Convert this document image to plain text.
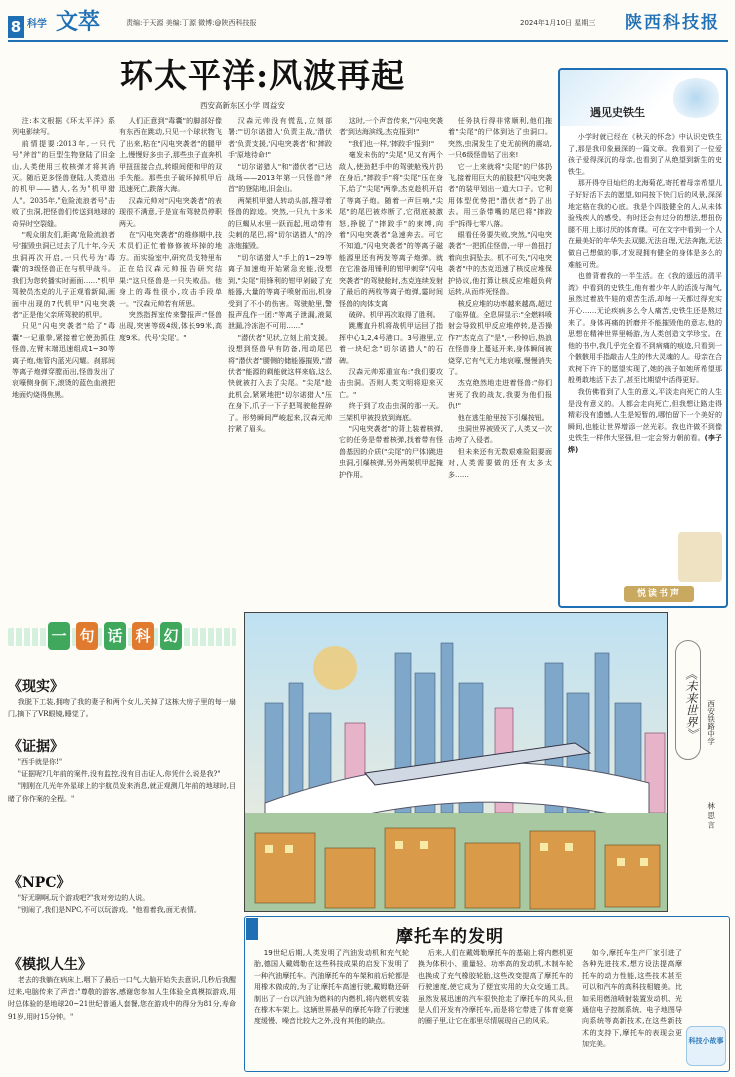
8 科学 文萃	责编:于天源 美编:丁源 微博:@陕西科技报	2024年1月10日 星期三 陕西科技报
环太平洋:风波再起
西安高新东区小学 周益安

注:本文根据《环太平洋》系列电影续写。

前情提要:2013年,一只代号"斧首"的巨型生物登陆了旧金山,人类使用三枚核弹才将其消灭。随后更多怪兽登陆,人类造出的机甲——猎人,名为"机甲猎人"。2035年,"危险流浪者号"击败了虫洞,把怪兽们传送到地球的奇异时空裂缝。

"观众朋友们,距离'危险流浪者号'摧毁虫洞已过去了几十年,今天虫洞再次开启,一只代号为'毒囊'的3级怪兽正在与机甲战斗。我们为您转播实时画面……"机甲驾驶员杰克的儿子正观看新闻,画面中出现的7代机甲"闪电突袭者"正是他父亲所驾驶的机甲。

只见"闪电突袭者"给了"毒囊"一记重拳,紧接着它使劲抓住怪兽,左臂末端迅速组成1~30等离子炮,炮管内蓝光闪耀。刹那间等离子炮弹穿膛而出,怪兽发出了哀嚎侧身倒下,滚烫的蓝色血液把地面灼烧得焦黑。

人们正意到"毒囊"的脚部好像有东西在跳动,只见一个球状物飞了出来,粘在"闪电突袭者"的腿甲上,慢慢好多虫子,那些虫子直奔机甲扭扭接合点,转眼间便和甲的双手失能。那些虫子破坏掉机甲后迅速死亡,跌落大海。

汉森元帅对"闪电突袭者"的表现很不满意,于是宣布驾驶员停职两天。

在"闪电突袭者"的维修期中,技术员们正忙着修修被坏掉的地方。而实验室中,研究员戈特里布正在给汉森元帅报告研究结果:"这只怪兽是一只失败品。他身上的毒性很小,攻击手段单一。"汉森元帅若有所思。

突然指挥室传来警报声:"怪兽出现,突害等级4级,体长99米,高度9米。代号'尖尾'。"

汉森元帅没有慌乱,立刻部署:"'切尔诺猎人'负责主战,'潜伏者'负责支援,'闪电突袭者'和'摔跤手'原地待命!"

"切尔诺猎人"和"潜伏者"已达战场——2013年第一只怪兽"斧首"的登陆地,旧金山。

两架机甲猎人转动头部,搜寻着怪兽的踪迹。突然,一只九十多米的巨蝎从水里一跃而起,甩动带有尖刺的尾巴,将"切尔诺猎人"的冷冻炮摧毁。

"切尔诺猎人"手上的1~29等离子加速炮开始紧急充能,没想到,"尖尾"用锋利的钳甲剁破了充能器,大量的等离子喷射而出,机身受到了不小的伤害。驾驶舱里,警报声乱作一团:"等离子泄漏,液氮泄漏,冷冻泡不可用……"

"潜伏者"见状,立刻上前支援。没想到怪兽早有防备,甩动尾巴将"潜伏者"腰侧的储能器摧毁,"潜伏者"能源的剩能就这样来临,这么快就被打入去了尖尾。"尖尾"趁此机会,紧紧地把"切尔诺猎人"压在身下,爪子一下子把驾驶舱捏碎了。形势瞬间严峻起来,汉森元帅拧紧了眉头。

这时,一个声音传来,"'闪电突袭者'到达海滨线,杰克报到!"

"我们也一样,'摔跤手'报到!"

毫发未伤的"尖尾"见又有两个敌人,使劲把手中的驾驶舱残片扔在身后,"摔跤手"将"尖尾"压在身下,给了"尖尾"两拳,杰克趁机开启了等离子炮。随着一声巨响,"尖尾"的尾巴被炸断了,它彻底被激怒,挣脱了"摔跤手"的束缚,向着"闪电突袭者"急速奔去。可它不知道,"闪电突袭者"的等离子磁能源里还有两发等离子炮弹。就在它准备用锤利的钳甲刺穿"闪电突袭者"的驾驶舱时,杰克连续发射了最后的两枚等离子炮弹,霎时间怪兽的肉体支离

破碎。机甲再次取得了胜利。

跳鹰直升机将战机甲运回了指挥中心1,2,4号港口。3号港里,立着一块纪念"切尔诺猎人"的石碑。

汉森元帅郑重宣布:"我们要攻击虫洞。否则人类文明将迎来灭亡。"

终于到了攻击虫洞的那一天。三架机甲被投放到海底。

"闪电突袭者"的背上装着核弹,它的任务是带着核弹,找着带有怪兽基因的介质("尖尾"的尸体)跳进虫洞,引爆核弹,另外两架机甲起掩护作用。

任务执行得非常顺利,他们拖着"尖尾"的尸体到达了虫洞口。突然,虫洞发生了史无前例的震动,一只6级怪兽钻了出来!

它一上来就将"尖尾"的尸体扔飞,接着用巨大的前肢把"闪电突袭者"的装甲划出一道大口子。它利用体型优势把"潜伏者"扔了出去。用三条带嘴的尾巴将"摔跤手"拆得七零八落。

眼看任务要失败,突然,"闪电突袭者"一把抓住怪兽,一甲一兽扭打着向虫洞坠去。机不可失,"闪电突袭者"中的杰克迅速了核反应堆保护协议,他打算让核反应堆超负荷运转,从而炸死怪兽。

核反应堆的功率越来越高,超过了临界值。全息屏显示:"全燃料喷射会导致机甲反应堆停转,是否操作?"杰克点了"是",一秒钟后,热浪在怪兽身上蔓延开来,身体瞬间被烧穿,它有气无力地哀嚎,慢慢消失了。

杰克绝然地走进着怪兽:"你们害死了我的战友,我要为他们报仇!"

他在逃生舱里按下引爆按钮。

虫洞世界被毁灭了,人类又一次击垮了入侵者。

但未来还有无数艰难险阻要面对,人类需要做的还有太多太多……

遇见史铁生

小学时就已经在《秋天的怀念》中认识史铁生了,那是我印象最深的一篇文章。我看到了一位爱孩子爱得深沉的母亲,也看到了从绝望到新生的史铁生。

那开得夺目灿烂的北海菊花,寄托着母亲希望儿子好好活下去的愿望,如同按下快门后的风景,深深地定格在我的心底。我是个四肢健全的人,从未体验残疾人的感受。有时还会有过分的想法,想扭伤腿不用上那讨厌的体育课。可在文字中看到一个人在最美好的年华失去双腿,无法自理,无法奔跑,无法做自己想做的事,才发现拥有健全的身体是多么的难能可贵。

也曾背着我的一半生活。在《我的遥远的清平湾》中看到的史铁生,他有着少年人的活泼与淘气,虽然过着放牛娃的艰苦生活,却每一天都过得充实开心……无论疾病多么令人痛苦,史铁生还是熬过来了。身体再痛的折磨并不能摧毁他的意志,他的思想在精神世界里畅游,为人类创造文学珍宝。在他的书中,我几乎完全看不到病痛的痕迹,只看到一个骸骸用手指敲击人生的伟大灵魂的人。母亲在合欢树下许下的愿望实现了,她的孩子如她所希望那般勇敢地活下去了,甚至比期望中活得更好。

我仿佛看到了人生的意义,平淡走向死亡的人生是没有意义的。人都会走向死亡,但我想让路走得精彩没有遗憾,人生是短暂的,哪怕留下一个美好的瞬间,也能让世界增添一丝光彩。我也许做不到像史铁生一样伟大坚强,但一定会努力朝前看。(李子烨)

悦读书声
一 句 话 科 幻
《现实》

我脱下工装,拥吻了我的妻子和两个女儿,关掉了这栋大房子里的每一扇门,摘下了VR眼镜,睡觉了。

《证据》

"西手就是你!"

"证据呢?几年前的案件,没有监控,没有目击证人,你凭什么说是我?"

"刚刚在几光年外星球上的宇航员发来消息,就正观测几年前的地球时,目睹了你作案的全程。"

《NPC》

"好无聊啊,玩个游戏吧?"我对旁边的人说。

"别闹了,我们是NPC,不可以玩游戏。"他看着我,面无表情。

《模拟人生》

老去的我躺在病床上,咽下了最后一口气,大脑开始失去意识,几秒后我醒过来,电脑传来了声音:"尊敬的游客,感谢您参加人生体验全真模拟游戏,用时总体验的是地球20~21世纪普通人套餐,您在游戏中的得分为81分,寿命91岁,用时15分钟。"

《未来世界》	西安铁路中学
林思言
摩托车的发明

19世纪后期,人类发明了汽油发动机和充气轮胎,德国人戴姆勒在这些科技成果的启发下发明了一种汽油摩托车。汽油摩托车的车架和前后轮都是用橡木做成的,为了让摩托车高速行驶,戴姆勒还研制出了一台以汽油为燃料的内燃机,将内燃机安装在橡木车架上。这辆世界最早的摩托车除了行驶速度缓慢、噪音比较大之外,没有其他的缺点。

后来,人们在戴姆勒摩托车的基础上将内燃机更换为体积小、重量轻、功率高的发动机,木制车轮也换成了充气橡胶轮胎,这些改变提高了摩托车的行驶速度,使它成为了便宜实用的大众交通工具。虽然发展迅速的汽车很快抢走了摩托车的风头,但是人们开发有冷摩托车,而是将它带进了体育竞赛的圈子里,让它在那里尽情展现自己的风采。

如今,摩托车生产厂家引进了各种先进技术,想方设法提高摩托车的动力性能,这些技术甚至可以和汽车的高科技相媲美。比如采用燃油喷射装置发动机、光通信电子控制系统、电子地图导向系统等高新技术,在这些新技术的支持下,摩托车的表现会更加完美。	科技小故事
